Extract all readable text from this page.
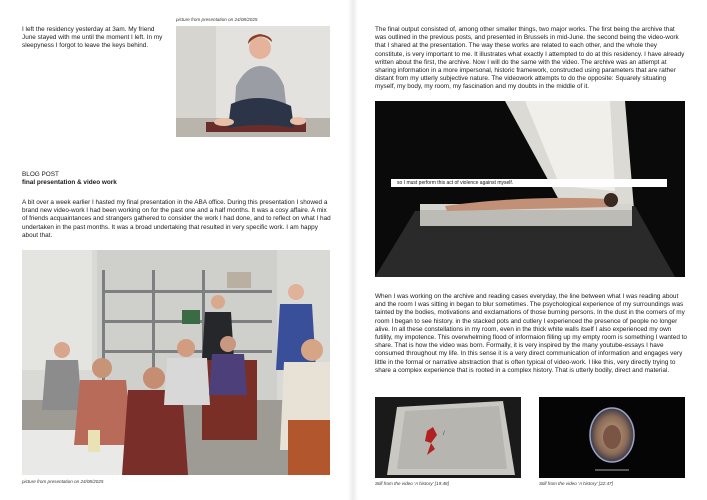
I left the residency yesterday at 3am. My friend June stayed with me until the moment I left. In my sleepyness I forgot to leave the keys behind.

picture from presentation on 24/08/2025

BLOG POST
final presentation & video work

A bit over a week earlier I hasted my final presentation in the ABA office. During this presentation I showed a brand new video-work I had been working on for the past one and a half months. It was a cosy affaire. A mix of friends acquaintances and strangers gathered to consider the work I had done, and to reflect on what I had undertaken in the past months. It was a broad undertaking that resulted in very specific work. I am happy about that.

picture from presentation on 24/08/2025

The final output consisted of, among other smaller things, two major works. The first being the archive that was outlined in the previous posts, and presented in Brussels in mid-June. the second being the video-work that I shared at the presentation. The way these works are related to each other, and the whole they constitute, is very important to me. It illustrates what exactly I attempted to do at this residency. I have already written about the first, the archive. Now I will do the same with the video. The archive was an attempt at sharing information in a more impersonal, historic framework, constructed using parameters that are rather distant from my utterly subjective nature. The videowork attempts to do the opposite: Squarely situating myself, my body, my room, my fascination and my doubts in the middle of it.

so I must perform this act of violence against myself.

When I was working on the archive and reading cases everyday, the line between what I was reading about and the room I was sitting in began to blur sometimes. The psychological experience of my surroundings was tainted by the bodies, motivations and exclamations of those burning persons. In the dust in the corners of my room I began to see history. in the stacked pots and cutlery I experienced the presence of people no longer alive. In all these constellations in my room, even in the thick white walls itself I also experienced my own futility, my impotence. This overwhelming flood of informaion filling up my empty room is something I wanted to share. That is how the video was born. Formally, it is very inspired by the many youtube-essays I have consumed throughout my life. In this sense it is a very direct communication of information and engages very little in the formal or narrative abstraction that is often typical of video-work. I like this, very directly trying to share a complex experience that is rooted in a complex history. That is utterly bodily, direct and material.

/

Still from the video 'A history' [19:48]	Still from the video 'A history' [22:47]
